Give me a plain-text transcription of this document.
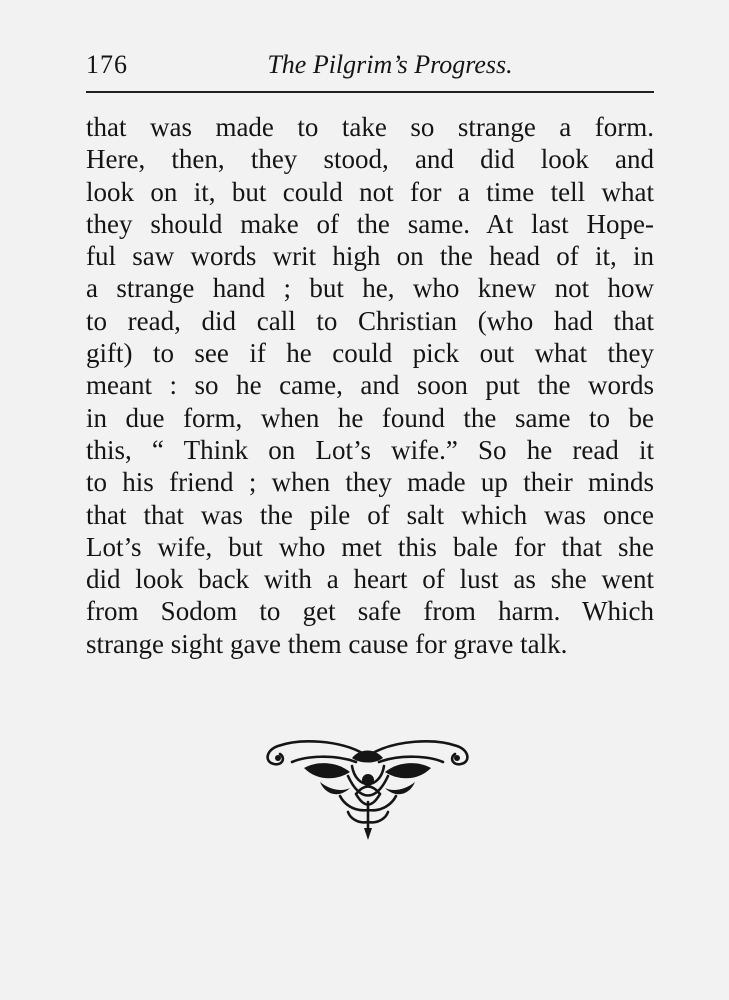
176	The Pilgrim’s Progress.
that was made to take so strange a form.
Here, then, they stood, and did look and
look on it, but could not for a time tell what
they should make of the same. At last Hope-
ful saw words writ high on the head of it, in
a strange hand ; but he, who knew not how
to read, did call to Christian (who had that
gift) to see if he could pick out what they
meant : so he came, and soon put the words
in due form, when he found the same to be
this, “ Think on Lot’s wife.” So he read it
to his friend ; when they made up their minds
that that was the pile of salt which was once
Lot’s wife, but who met this bale for that she
did look back with a heart of lust as she went
from Sodom to get safe from harm. Which
strange sight gave them cause for grave talk.
